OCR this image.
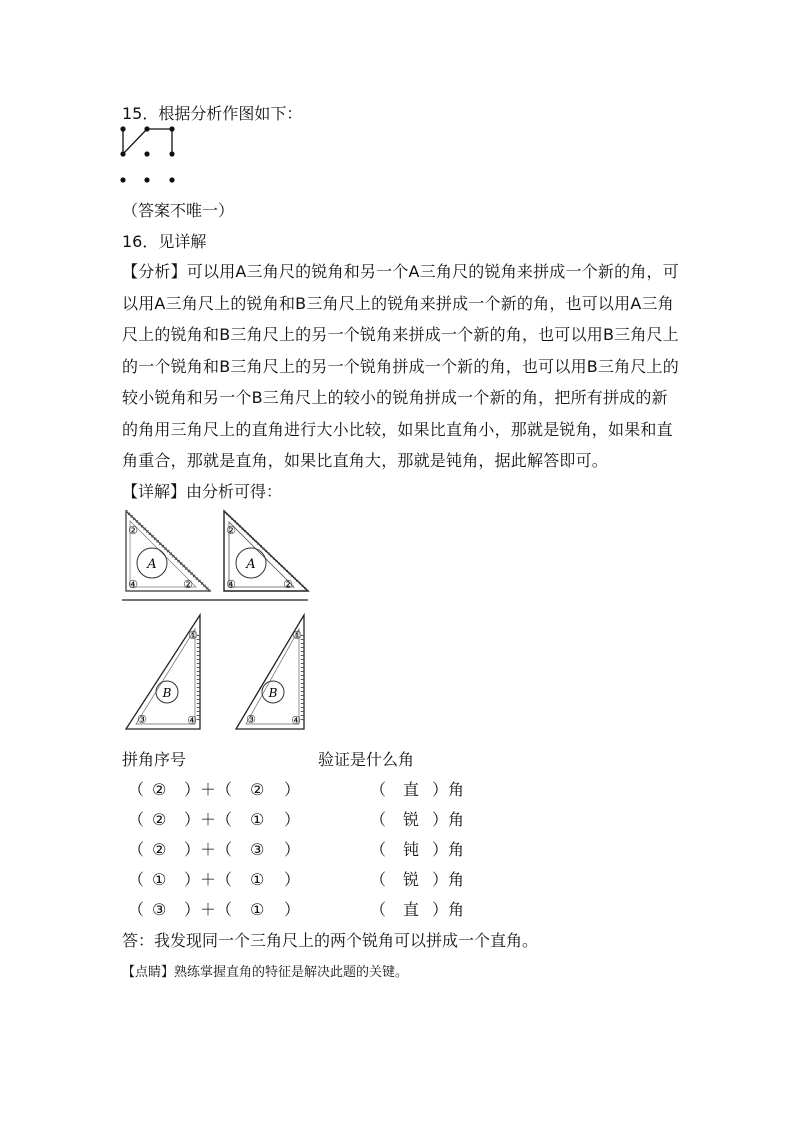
15．根据分析作图如下：
（答案不唯一）
16．见详解
【分析】可以用A三角尺的锐角和另一个A三角尺的锐角来拼成一个新的角，可以用A三角尺上的锐角和B三角尺上的锐角来拼成一个新的角，也可以用A三角尺上的锐角和B三角尺上的另一个锐角来拼成一个新的角，也可以用B三角尺上的一个锐角和B三角尺上的另一个锐角拼成一个新的角，也可以用B三角尺上的较小锐角和另一个B三角尺上的较小的锐角拼成一个新的角，把所有拼成的新的角用三角尺上的直角进行大小比较，如果比直角小，那就是锐角，如果和直角重合，那就是直角，如果比直角大，那就是钝角，据此解答即可。
【详解】由分析可得：
A
②
④	②
A
②
④	②
B
①
③	④
B
①
③	④
拼角序号	验证是什么角
（ ② ）＋（ ② ）	（ 直 ）角
（ ② ）＋（ ① ）	（ 锐 ）角
（ ② ）＋（ ③ ）	（ 钝 ）角
（ ① ）＋（ ① ）	（ 锐 ）角
（ ③ ）＋（ ① ）	（ 直 ）角
答：我发现同一个三角尺上的两个锐角可以拼成一个直角。
【点睛】熟练掌握直角的特征是解决此题的关键。
